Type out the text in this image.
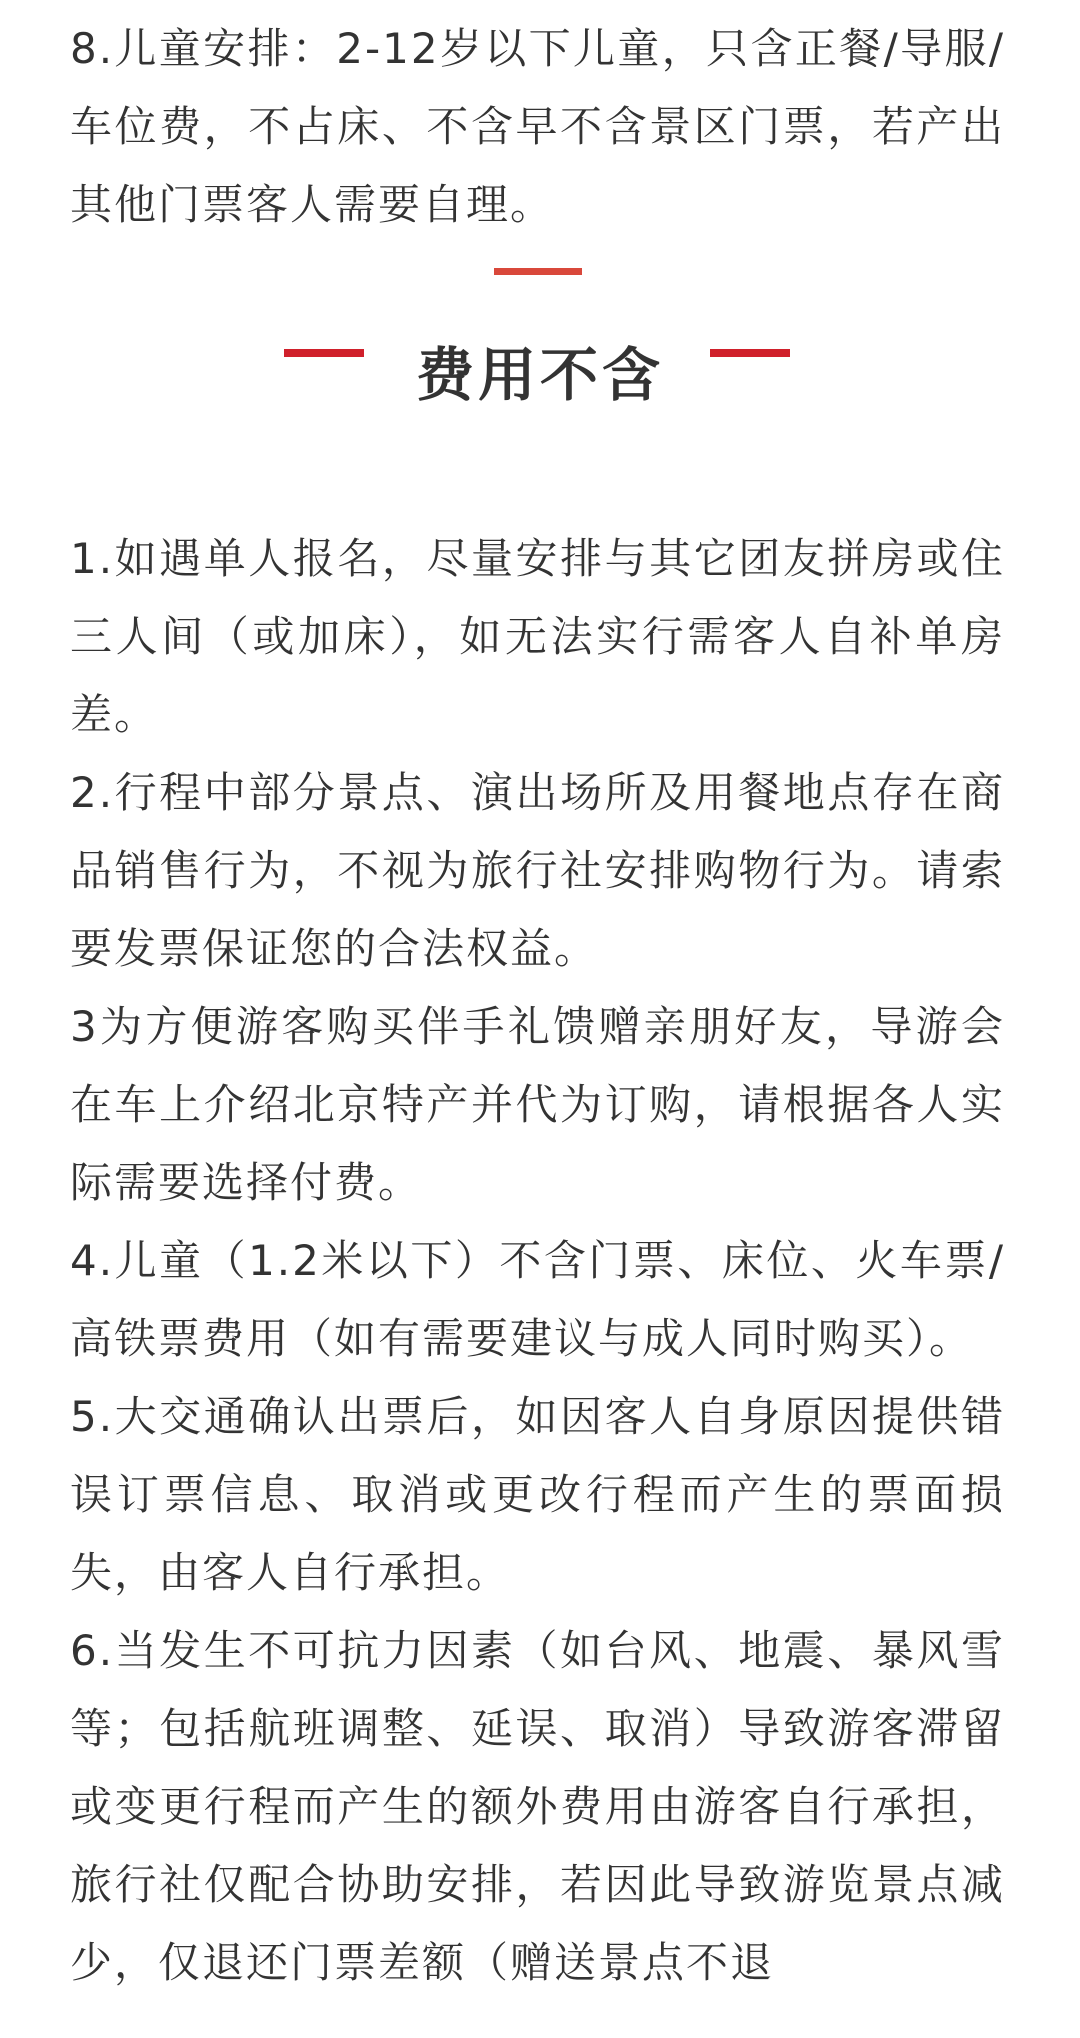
8.儿童安排：2-12岁以下儿童，只含正餐/导服/车位费，不占床、不含早不含景区门票，若产出其他门票客人需要自理。

费用不含
1.如遇单人报名，尽量安排与其它团友拼房或住三人间（或加床），如无法实行需客人自补单房差。
2.行程中部分景点、演出场所及用餐地点存在商品销售行为，不视为旅行社安排购物行为。请索要发票保证您的合法权益。
3为方便游客购买伴手礼馈赠亲朋好友，导游会在车上介绍北京特产并代为订购，请根据各人实际需要选择付费。
4.儿童（1.2米以下）不含门票、床位、火车票/高铁票费用（如有需要建议与成人同时购买）。
5.大交通确认出票后，如因客人自身原因提供错误订票信息、取消或更改行程而产生的票面损失，由客人自行承担。
6.当发生不可抗力因素（如台风、地震、暴风雪等；包括航班调整、延误、取消）导致游客滞留或变更行程而产生的额外费用由游客自行承担，旅行社仅配合协助安排，若因此导致游览景点减少，仅退还门票差额（赠送景点不退
